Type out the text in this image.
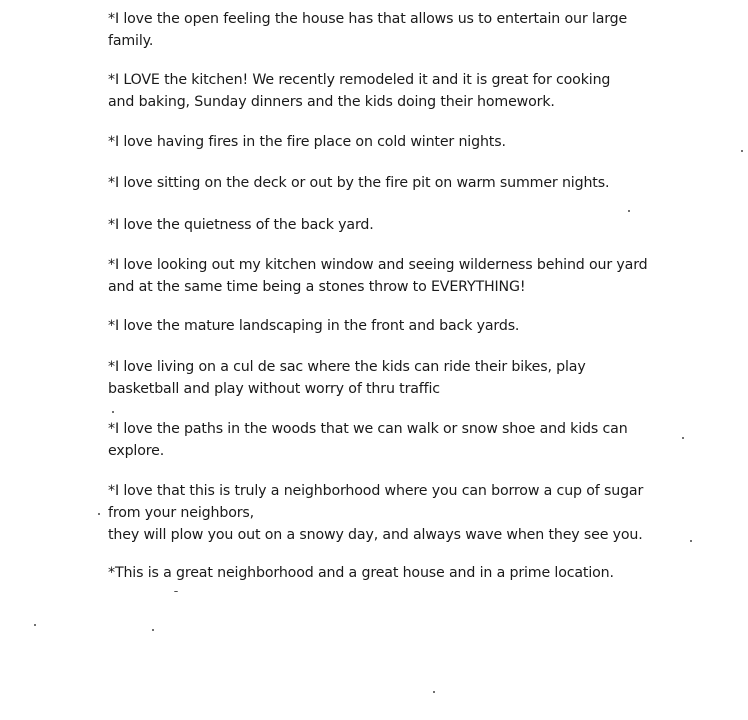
*I love the open feeling the house has that allows us to entertain our large
family.

*I LOVE the kitchen! We recently remodeled it and it is great for cooking
and baking, Sunday dinners and the kids doing their homework.

*I love having fires in the fire place on cold winter nights.

*I love sitting on the deck or out by the fire pit on warm summer nights.

*I love the quietness of the back yard.

*I love looking out my kitchen window and seeing wilderness behind our yard
and at the same time being a stones throw to EVERYTHING!

*I love the mature landscaping in the front and back yards.

*I love living on a cul de sac where the kids can ride their bikes, play
basketball and play without worry of thru traffic

*I love the paths in the woods that we can walk or snow shoe and kids can
explore.

*I love that this is truly a neighborhood where you can borrow a cup of sugar
from your neighbors,
they will plow you out on a snowy day, and always wave when they see you.

*This is a great neighborhood and a great house and in a prime location.
